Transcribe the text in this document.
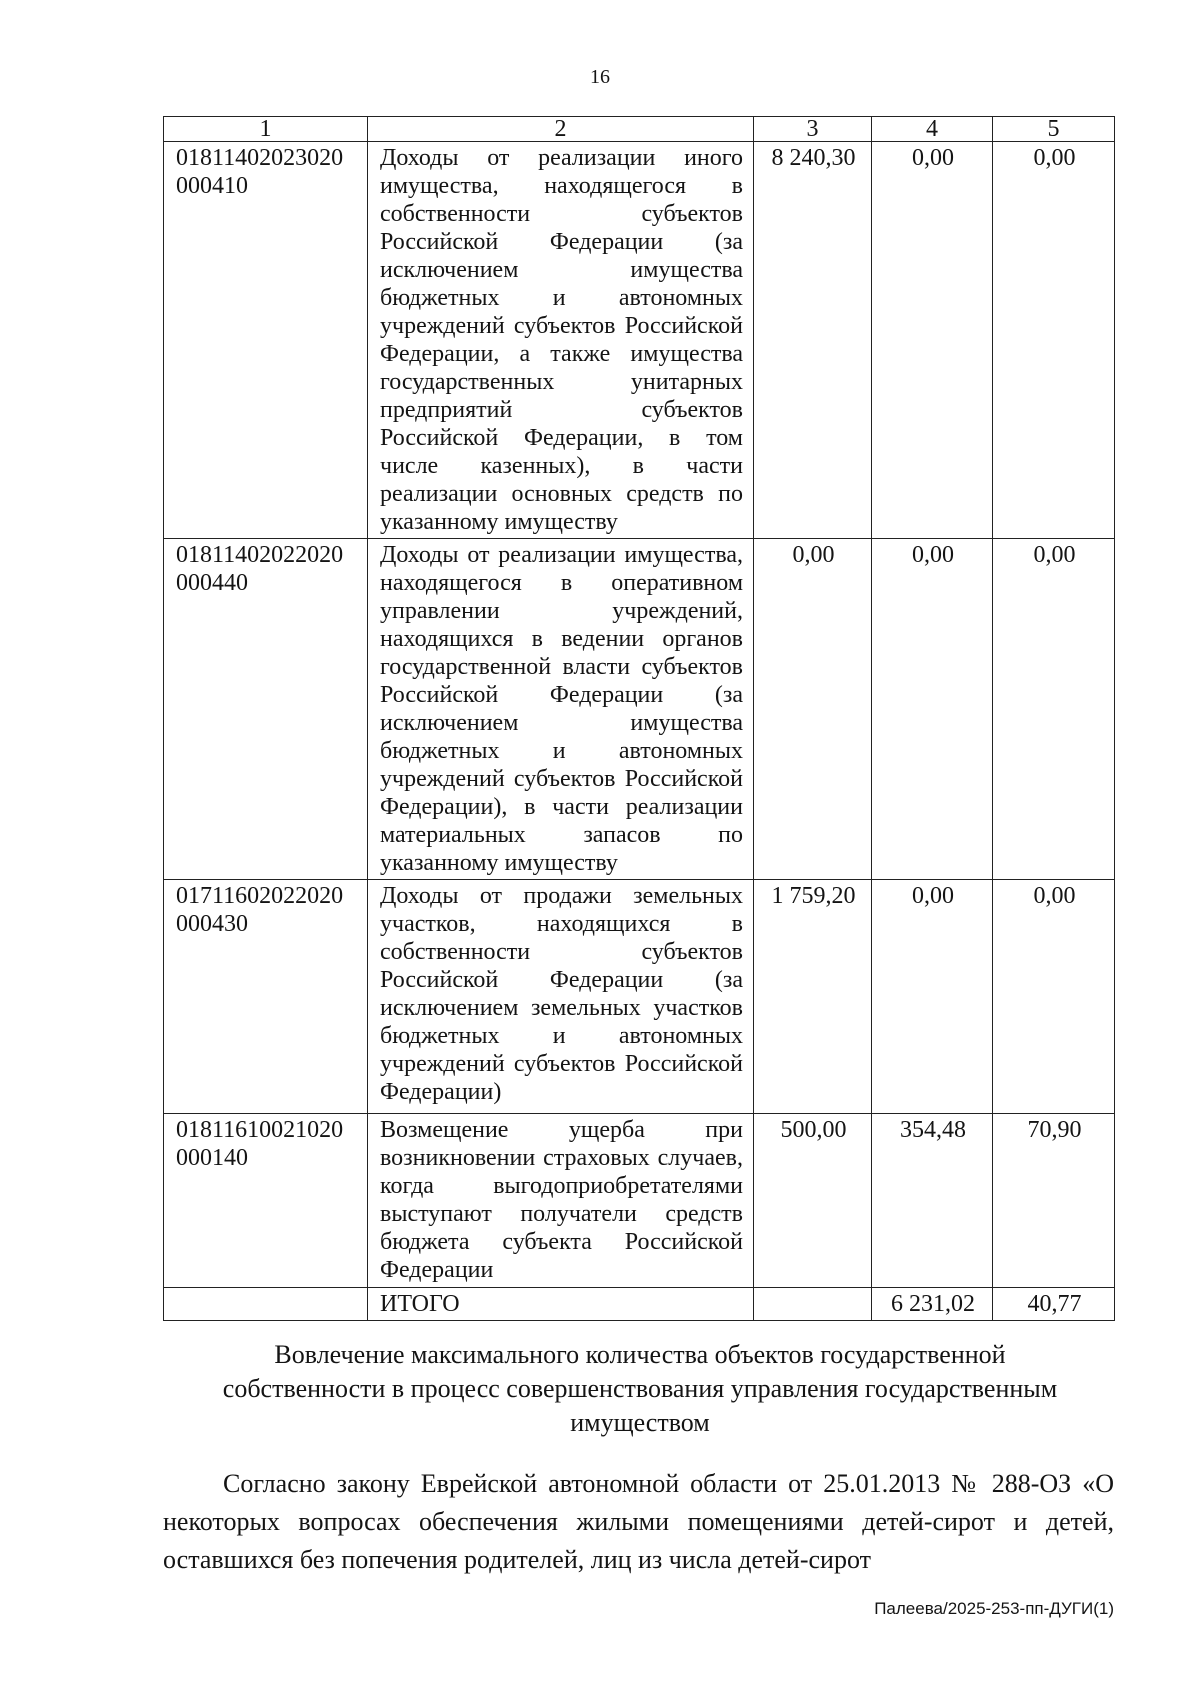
16
1	2	3	4	5
01811402023020 000410	Доходы от реализации иного имущества, находящегося в собственности субъектов Российской Федерации (за исключением имущества бюджетных и автономных учреждений субъектов Российской Федерации, а также имущества государственных унитарных предприятий субъектов Российской Федерации, в том числе казенных), в части реализации основных средств по указанному имуществу	8 240,30	0,00	0,00
01811402022020 000440	Доходы от реализации имущества, находящегося в оперативном управлении учреждений, находящихся в ведении органов государственной власти субъектов Российской Федерации (за исключением имущества бюджетных и автономных учреждений субъектов Российской Федерации), в части реализации материальных запасов по указанному имуществу	0,00	0,00	0,00
01711602022020 000430	Доходы от продажи земельных участков, находящихся в собственности субъектов Российской Федерации (за исключением земельных участков бюджетных и автономных учреждений субъектов Российской Федерации)	1 759,20	0,00	0,00
01811610021020 000140	Возмещение ущерба при возникновении страховых случаев, когда выгодоприобретателями выступают получатели средств бюджета субъекта Российской Федерации	500,00	354,48	70,90
	ИТОГО		6 231,02	40,77
Вовлечение максимального количества объектов государственной собственности в процесс совершенствования управления государственным имуществом
Согласно закону Еврейской автономной области от 25.01.2013 № 288-ОЗ «О некоторых вопросах обеспечения жилыми помещениями детей-сирот и детей, оставшихся без попечения родителей, лиц из числа детей-сирот
Палеева/2025-253-пп-ДУГИ(1)
